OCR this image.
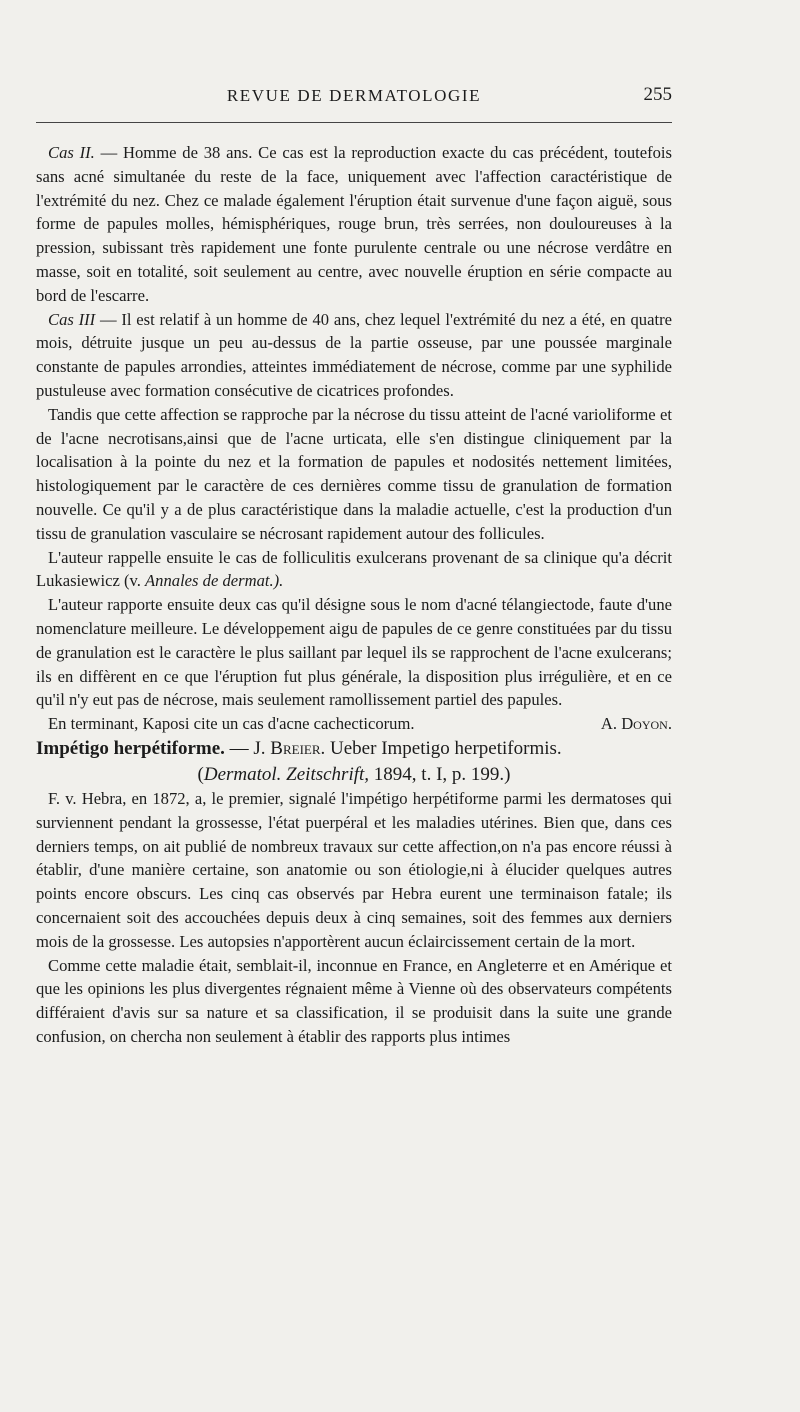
REVUE DE DERMATOLOGIE	255

Cas II. — Homme de 38 ans. Ce cas est la reproduction exacte du cas précédent, toutefois sans acné simultanée du reste de la face, uniquement avec l'affection caractéristique de l'extrémité du nez. Chez ce malade également l'éruption était survenue d'une façon aiguë, sous forme de papules molles, hémisphériques, rouge brun, très serrées, non douloureuses à la pression, subissant très rapidement une fonte purulente centrale ou une nécrose verdâtre en masse, soit en totalité, soit seulement au centre, avec nouvelle éruption en série compacte au bord de l'escarre.

Cas III — Il est relatif à un homme de 40 ans, chez lequel l'extrémité du nez a été, en quatre mois, détruite jusque un peu au-dessus de la partie osseuse, par une poussée marginale constante de papules arrondies, atteintes immédiatement de nécrose, comme par une syphilide pustuleuse avec formation consécutive de cicatrices profondes.

Tandis que cette affection se rapproche par la nécrose du tissu atteint de l'acné varioliforme et de l'acne necrotisans,ainsi que de l'acne urticata, elle s'en distingue cliniquement par la localisation à la pointe du nez et la formation de papules et nodosités nettement limitées, histologiquement par le caractère de ces dernières comme tissu de granulation de formation nouvelle. Ce qu'il y a de plus caractéristique dans la maladie actuelle, c'est la production d'un tissu de granulation vasculaire se nécrosant rapidement autour des follicules.

L'auteur rappelle ensuite le cas de folliculitis exulcerans provenant de sa clinique qu'a décrit Lukasiewicz (v. Annales de dermat.).

L'auteur rapporte ensuite deux cas qu'il désigne sous le nom d'acné télangiectode, faute d'une nomenclature meilleure. Le développement aigu de papules de ce genre constituées par du tissu de granulation est le caractère le plus saillant par lequel ils se rapprochent de l'acne exulcerans; ils en diffèrent en ce que l'éruption fut plus générale, la disposition plus irrégulière, et en ce qu'il n'y eut pas de nécrose, mais seulement ramollissement partiel des papules.

En terminant, Kaposi cite un cas d'acne cachecticorum.	A. Doyon.

Impétigo herpétiforme. — J. Breier. Ueber Impetigo herpetiformis.

(Dermatol. Zeitschrift, 1894, t. I, p. 199.)

F. v. Hebra, en 1872, a, le premier, signalé l'impétigo herpétiforme parmi les dermatoses qui surviennent pendant la grossesse, l'état puerpéral et les maladies utérines. Bien que, dans ces derniers temps, on ait publié de nombreux travaux sur cette affection,on n'a pas encore réussi à établir, d'une manière certaine, son anatomie ou son étiologie,ni à élucider quelques autres points encore obscurs. Les cinq cas observés par Hebra eurent une terminaison fatale; ils concernaient soit des accouchées depuis deux à cinq semaines, soit des femmes aux derniers mois de la grossesse. Les autopsies n'apportèrent aucun éclaircissement certain de la mort.

Comme cette maladie était, semblait-il, inconnue en France, en Angleterre et en Amérique et que les opinions les plus divergentes régnaient même à Vienne où des observateurs compétents différaient d'avis sur sa nature et sa classification, il se produisit dans la suite une grande confusion, on chercha non seulement à établir des rapports plus intimes
